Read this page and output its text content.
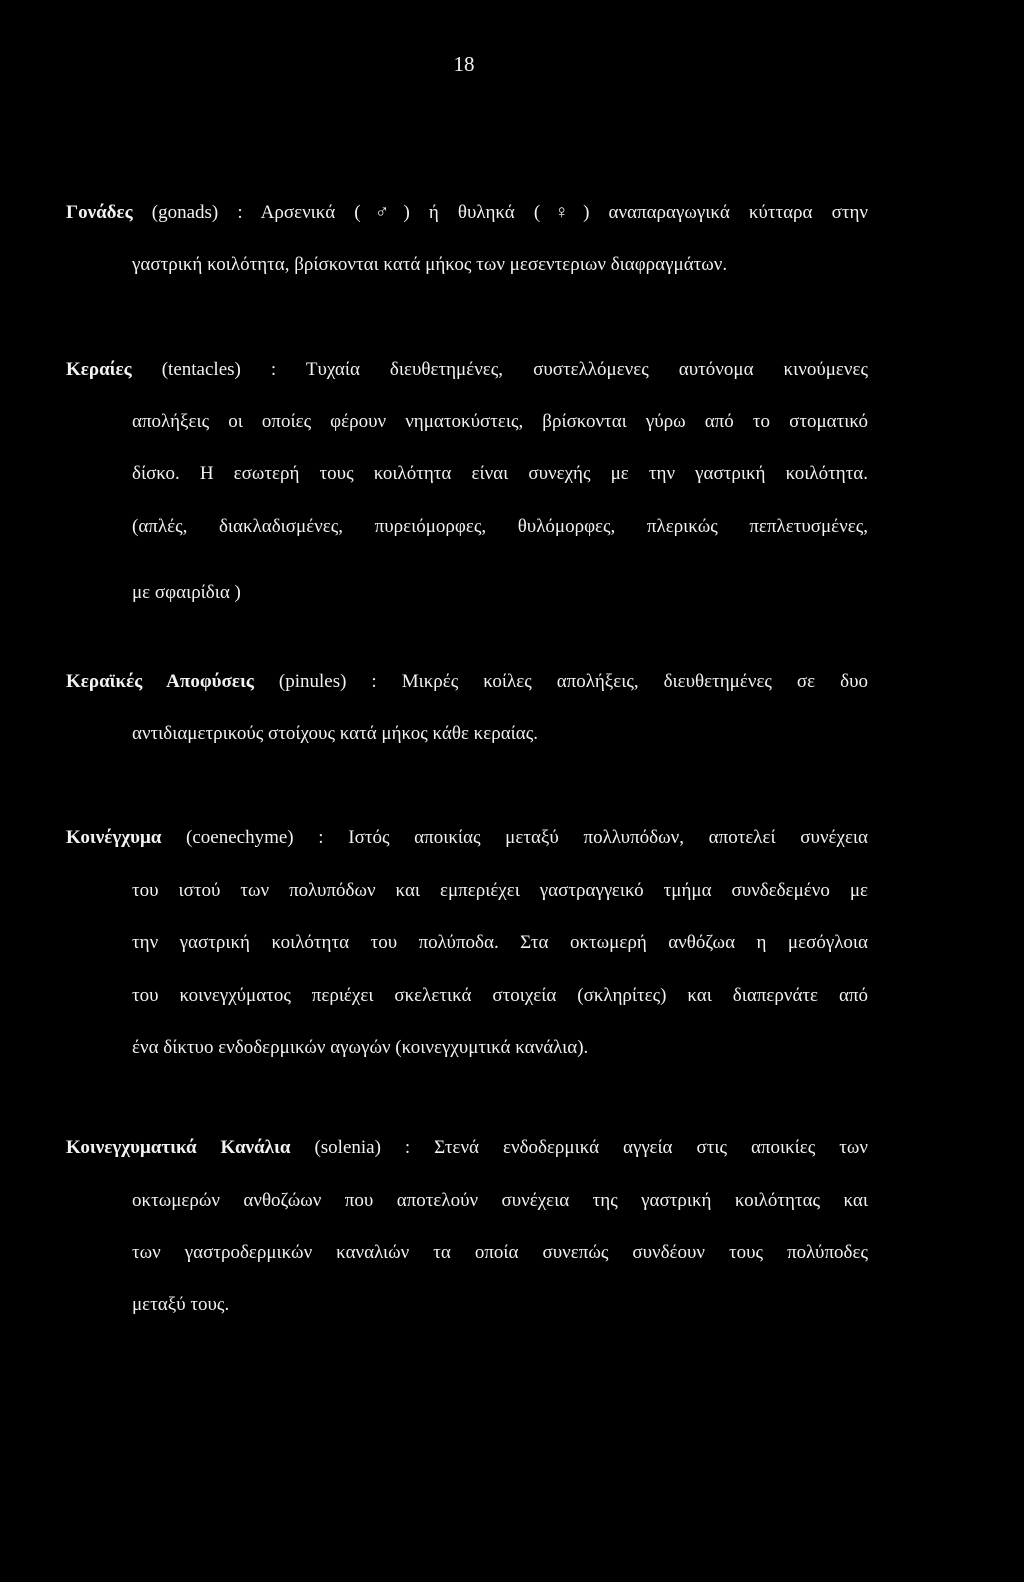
18
Γονάδες (gonads) : Αρσενικά (♂) ή θυληκά (♀) αναπαραγωγικά κύτταρα στην
γαστρική κοιλότητα, βρίσκονται κατά μήκος των μεσεντεριων διαφραγμάτων.
Κεραίες (tentacles) : Τυχαία διευθετημένες, συστελλόμενες αυτόνομα κινούμενες
απολήξεις οι οποίες φέρουν νηματοκύστεις, βρίσκονται γύρω από το στοματικό
δίσκο. Η εσωτερή τους κοιλότητα είναι συνεχής με την γαστρική κοιλότητα.
(απλές, διακλαδισμένες, πυρειόμορφες, θυλόμορφες, πλερικώς πεπλετυσμένες,
με σφαιρίδια )
Κεραϊκές Αποφύσεις (pinules) : Μικρές κοίλες απολήξεις, διευθετημένες σε δυο
αντιδιαμετρικούς στοίχους κατά μήκος κάθε κεραίας.
Κοινέγχυμα (coenechyme) : Ιστός αποικίας μεταξύ πολλυπόδων, αποτελεί συνέχεια
του ιστού των πολυπόδων και εμπεριέχει γαστραγγεικό τμήμα συνδεδεμένο με
την γαστρική κοιλότητα του πολύποδα. Στα οκτωμερή ανθόζωα η μεσόγλοια
του κοινεγχύματος περιέχει σκελετικά στοιχεία (σκληρίτες) και διαπερνάτε από
ένα δίκτυο ενδοδερμικών αγωγών (κοινεγχυμτικά κανάλια).
Κοινεγχυματικά Κανάλια (solenia) : Στενά ενδοδερμικά αγγεία στις αποικίες των
οκτωμερών ανθοζώων που αποτελούν συνέχεια της γαστρική κοιλότητας και
των γαστροδερμικών καναλιών τα οποία συνεπώς συνδέουν τους πολύποδες
μεταξύ τους.
